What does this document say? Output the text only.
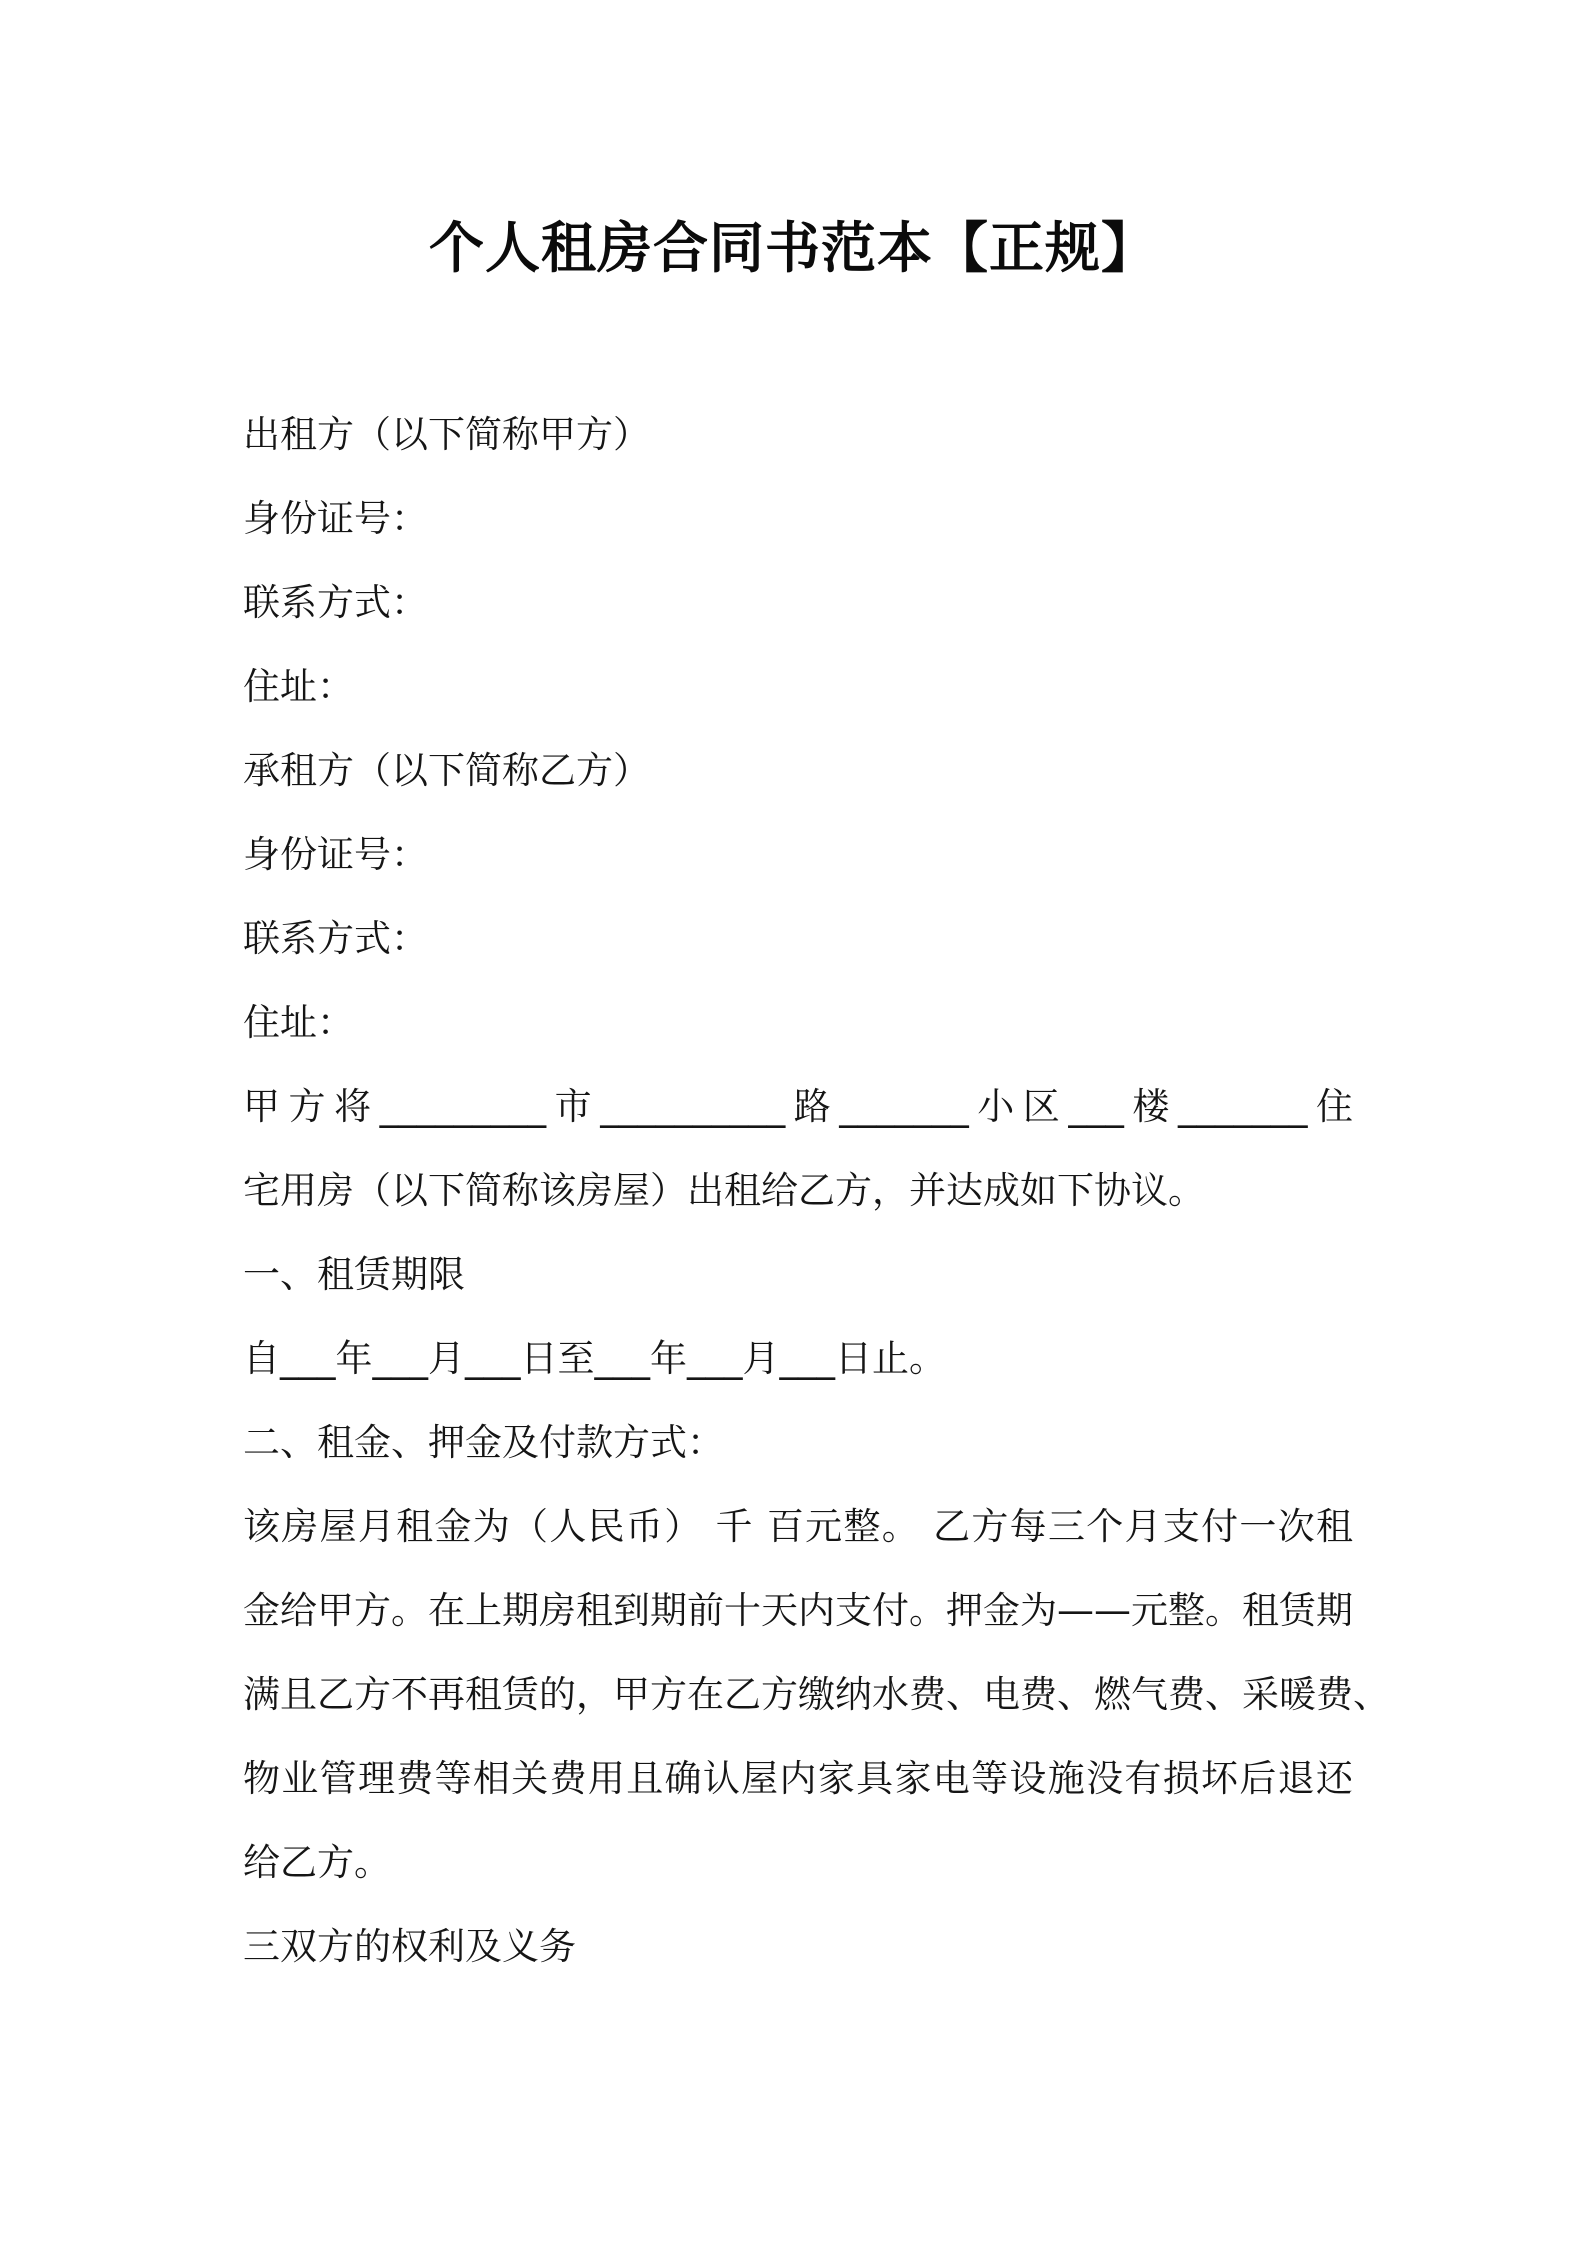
个人租房合同书范本【正规】
出租方（以下简称甲方）
身份证号：
联系方式：
住址：
承租方（以下简称乙方）
身份证号：
联系方式：
住址：
甲方将_________市__________路_______小区___楼_______住
宅用房（以下简称该房屋）出租给乙方，并达成如下协议。
一、租赁期限
自___年___月___日至___年___月___日止。
二、租金、押金及付款方式：
该房屋月租金为（人民币） 千 百元整。 乙方每三个月支付一次租
金给甲方。在上期房租到期前十天内支付。押金为——元整。租赁期
满且乙方不再租赁的，甲方在乙方缴纳水费、电费、燃气费、采暖费、
物业管理费等相关费用且确认屋内家具家电等设施没有损坏后退还
给乙方。
三双方的权利及义务
